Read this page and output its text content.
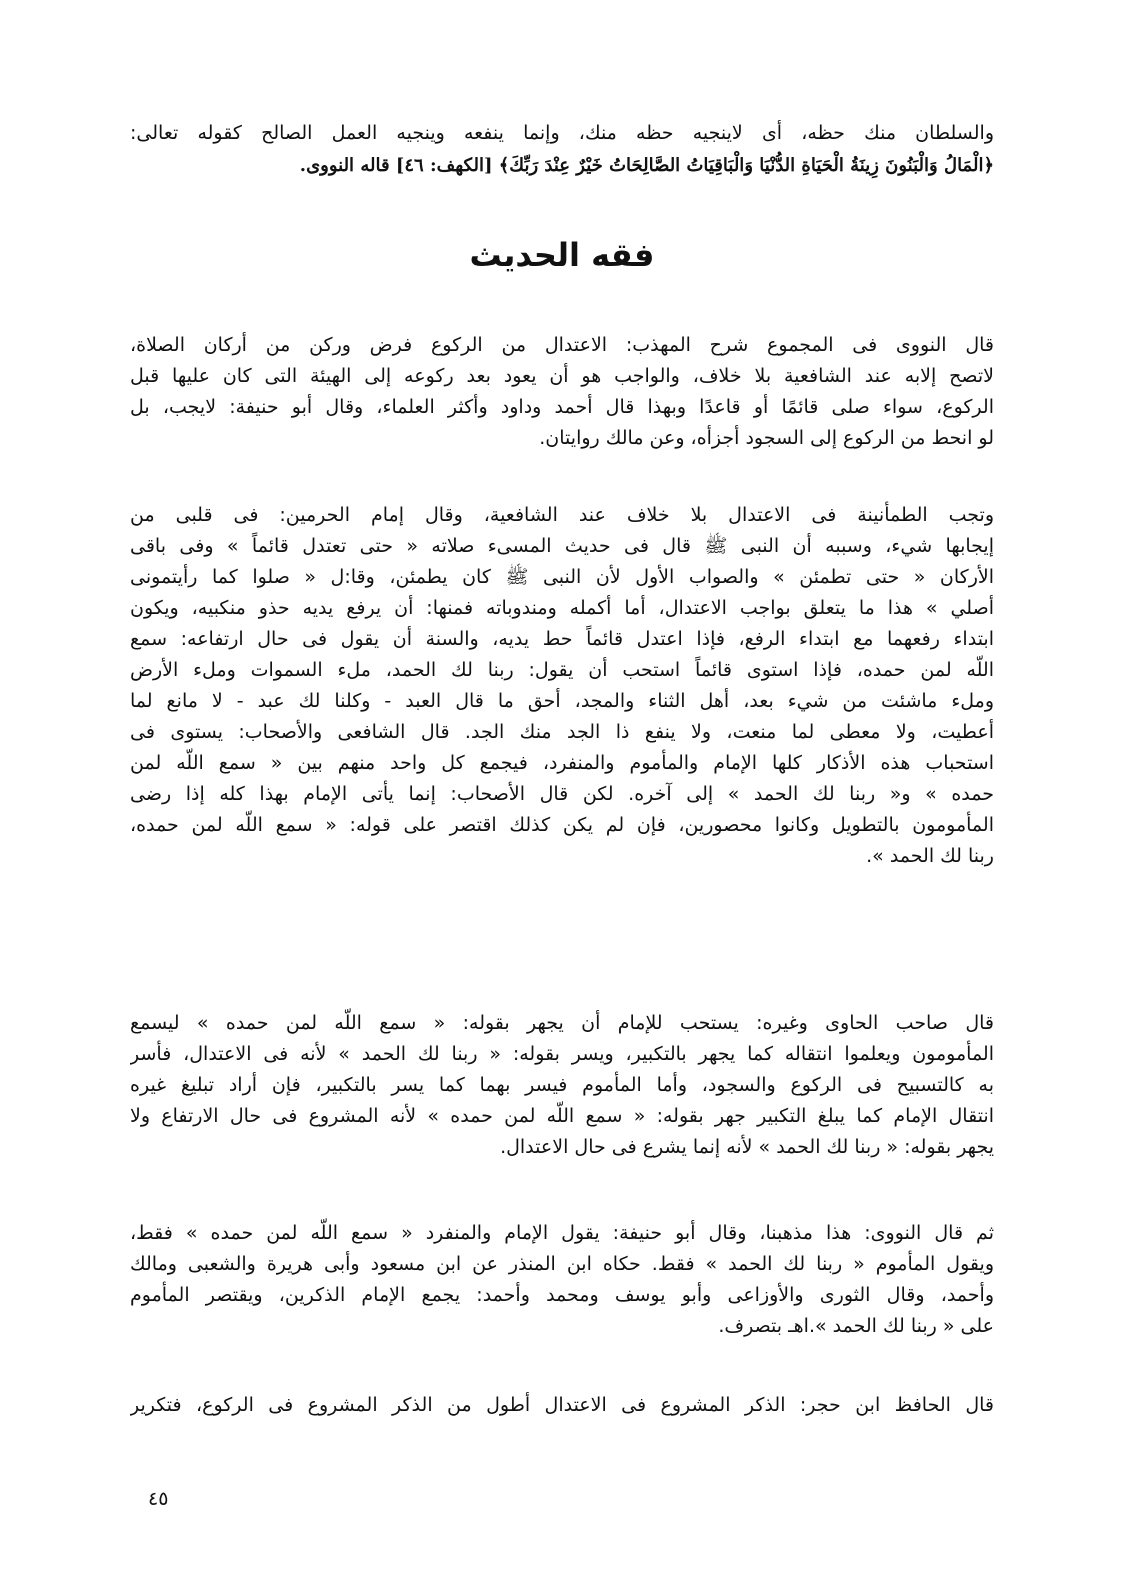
والسلطان منك حظه، أى لاينجيه حظه منك، وإنما ينفعه وينجيه العمل الصالح كقوله تعالى:
﴿الْمَالُ وَالْبَنُونَ زِينَةُ الْحَيَاةِ الدُّنْيَا وَالْبَاقِيَاتُ الصَّالِحَاتُ خَيْرٌ عِنْدَ رَبِّكَ﴾ [الكهف: ٤٦] قاله النووى.
فقه الحديث
قال النووى فى المجموع شرح المهذب: الاعتدال من الركوع فرض وركن من أركان الصلاة،
لاتصح إلابه عند الشافعية بلا خلاف، والواجب هو أن يعود بعد ركوعه إلى الهيئة التى كان عليها قبل
الركوع، سواء صلى قائمًا أو قاعدًا وبهذا قال أحمد وداود وأكثر العلماء، وقال أبو حنيفة: لايجب، بل
لو انحط من الركوع إلى السجود أجزأه، وعن مالك روايتان.
وتجب الطمأنينة فى الاعتدال بلا خلاف عند الشافعية، وقال إمام الحرمين: فى قلبى من
إيجابها شيء، وسببه أن النبى ﷺ قال فى حديث المسىء صلاته « حتى تعتدل قائماً » وفى باقى
الأركان « حتى تطمئن » والصواب الأول لأن النبى ﷺ كان يطمئن، وقا:ل « صلوا كما رأيتمونى
أصلي » هذا ما يتعلق بواجب الاعتدال، أما أكمله ومندوباته فمنها: أن يرفع يديه حذو منكبيه، ويكون
ابتداء رفعهما مع ابتداء الرفع، فإذا اعتدل قائماً حط يديه، والسنة أن يقول فى حال ارتفاعه: سمع
اللَّه لمن حمده، فإذا استوى قائماً استحب أن يقول: ربنا لك الحمد، ملء السموات وملء الأرض
وملء ماشئت من شيء بعد، أهل الثناء والمجد، أحق ما قال العبد - وكلنا لك عبد - لا مانع لما
أعطيت، ولا معطى لما منعت، ولا ينفع ذا الجد منك الجد. قال الشافعى والأصحاب: يستوى فى
استحباب هذه الأذكار كلها الإمام والمأموم والمنفرد، فيجمع كل واحد منهم بين « سمع اللَّه لمن
حمده » و« ربنا لك الحمد » إلى آخره. لكن قال الأصحاب: إنما يأتى الإمام بهذا كله إذا رضى
المأمومون بالتطويل وكانوا محصورين، فإن لم يكن كذلك اقتصر على قوله: « سمع اللَّه لمن حمده،
ربنا لك الحمد ».
قال صاحب الحاوى وغيره: يستحب للإمام أن يجهر بقوله: « سمع اللَّه لمن حمده » ليسمع
المأمومون ويعلموا انتقاله كما يجهر بالتكبير، ويسر بقوله: « ربنا لك الحمد » لأنه فى الاعتدال، فأسر
به كالتسبيح فى الركوع والسجود، وأما المأموم فيسر بهما كما يسر بالتكبير، فإن أراد تبليغ غيره
انتقال الإمام كما يبلغ التكبير جهر بقوله: « سمع اللَّه لمن حمده » لأنه المشروع فى حال الارتفاع ولا
يجهر بقوله: « ربنا لك الحمد » لأنه إنما يشرع فى حال الاعتدال.
ثم قال النووى: هذا مذهبنا، وقال أبو حنيفة: يقول الإمام والمنفرد « سمع اللَّه لمن حمده » فقط،
ويقول المأموم « ربنا لك الحمد » فقط. حكاه ابن المنذر عن ابن مسعود وأبى هريرة والشعبى ومالك
وأحمد، وقال الثورى والأوزاعى وأبو يوسف ومحمد وأحمد: يجمع الإمام الذكرين، ويقتصر المأموم
على « ربنا لك الحمد ».اهـ بتصرف.
قال الحافظ ابن حجر: الذكر المشروع فى الاعتدال أطول من الذكر المشروع فى الركوع، فتكرير
٤٥
